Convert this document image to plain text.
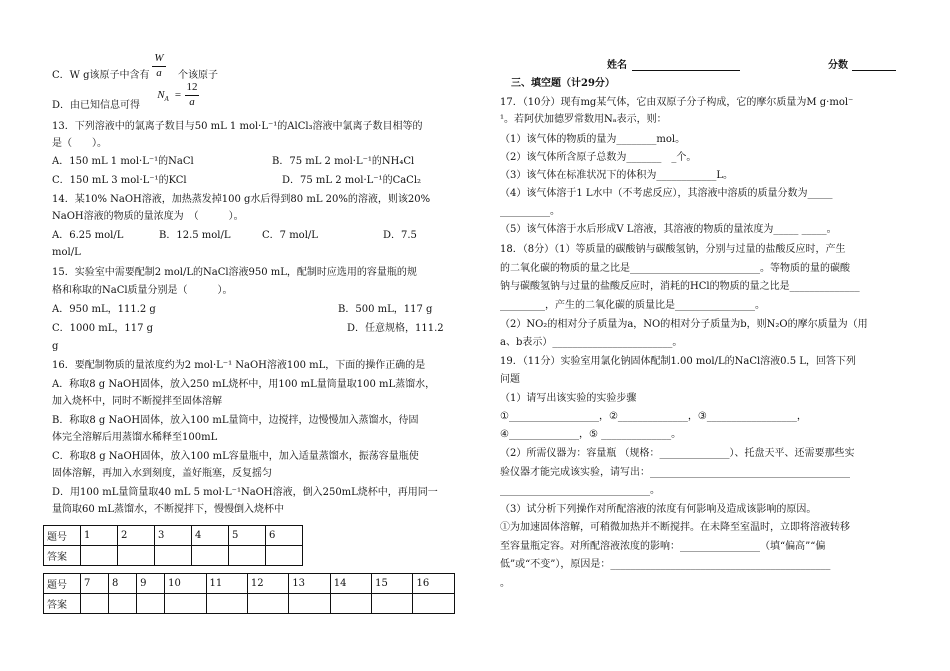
C．W g该原子中含有
W
a	个该原子
D．由已知信息可得
$N_A$ =
12
a
13．下列溶液中的氯离子数目与50 mL 1 mol·L⁻¹的AlCl₃溶液中氯离子数目相等的
是（　　）。
A．150 mL 1 mol·L⁻¹的NaCl	B．75 mL 2 mol·L⁻¹的NH₄Cl
C．150 mL 3 mol·L⁻¹的KCl	D．75 mL 2 mol·L⁻¹的CaCl₂
14．某10% NaOH溶液，加热蒸发掉100 g水后得到80 mL 20%的溶液，则该20%
NaOH溶液的物质的量浓度为　（　　　）。
A．6.25 mol/L	B．12.5 mol/L	C．7 mol/L	D．7.5
mol/L
15．实验室中需要配制2 mol/L的NaCl溶液950 mL，配制时应选用的容量瓶的规
格和称取的NaCl质量分别是（　　　）。
A．950 mL，111.2 g	B．500 mL，117 g
C．1000 mL，117 g	D．任意规格，111.2
g
16．要配制物质的量浓度约为2 mol·L⁻¹ NaOH溶液100 mL，下面的操作正确的是
A．称取8 g NaOH固体，放入250 mL烧杯中，用100 mL量筒量取100 mL蒸馏水，
加入烧杯中，同时不断搅拌至固体溶解
B．称取8 g NaOH固体，放入100 mL量筒中，边搅拌，边慢慢加入蒸馏水，待固
体完全溶解后用蒸馏水稀释至100mL
C．称取8 g NaOH固体，放入100 mL容量瓶中，加入适量蒸馏水，振荡容量瓶使
固体溶解，再加入水到刻度，盖好瓶塞，反复摇匀
D．用100 mL量筒量取40 mL 5 mol·L⁻¹NaOH溶液，倒入250mL烧杯中，再用同一
量筒取60 mL蒸馏水，不断搅拌下，慢慢倒入烧杯中
题号	1	2	3	4	5	6
答案						
题号	7	8	9	10	11	12	13	14	15	16
答案										
姓名	分数
三、填空题（计29分）
17．（10分）现有mg某气体，它由双原子分子构成，它的摩尔质量为M g·mol⁻
¹。若阿伏加德罗常数用Nₐ表示，则：
（1）该气体的物质的量为________mol。
（2）该气体所含原子总数为_______　_个。
（3）该气体在标准状况下的体积为____________L。
（4）该气体溶于1 L水中（不考虑反应），其溶液中溶质的质量分数为_____
__________。
（5）该气体溶于水后形成V L溶液，其溶液的物质的量浓度为_____ _____。
18．（8分）（1）等质量的碳酸钠与碳酸氢钠，分别与过量的盐酸反应时，产生
的二氧化碳的物质的量之比是__________________________。等物质的量的碳酸
钠与碳酸氢钠与过量的盐酸反应时，消耗的HCl的物质的量之比是______________
_________，产生的二氧化碳的质量比是________________。
（2）NO₂的相对分子质量为a，NO的相对分子质量为b，则N₂O的摩尔质量为（用
a、b表示）________________________。
19．（11分）实验室用氯化钠固体配制1.00 mol/L的NaCl溶液0.5 L，回答下列
问题
（1）请写出该实验的实验步骤
①__________________，②______________，③__________________，
④______________，⑤ ______________。
（2）所需仪器为：容量瓶 （规格：______________）、托盘天平、还需要那些实
验仪器才能完成该实验，请写出：________________________________________
______________________________。
（3）试分析下列操作对所配溶液的浓度有何影响及造成该影响的原因。
①为加速固体溶解，可稍微加热并不断搅拌。在未降至室温时，立即将溶液转移
至容量瓶定容。对所配溶液浓度的影响：________________（填“偏高”“偏
低”或“不变”），原因是：____________________________________________
。
